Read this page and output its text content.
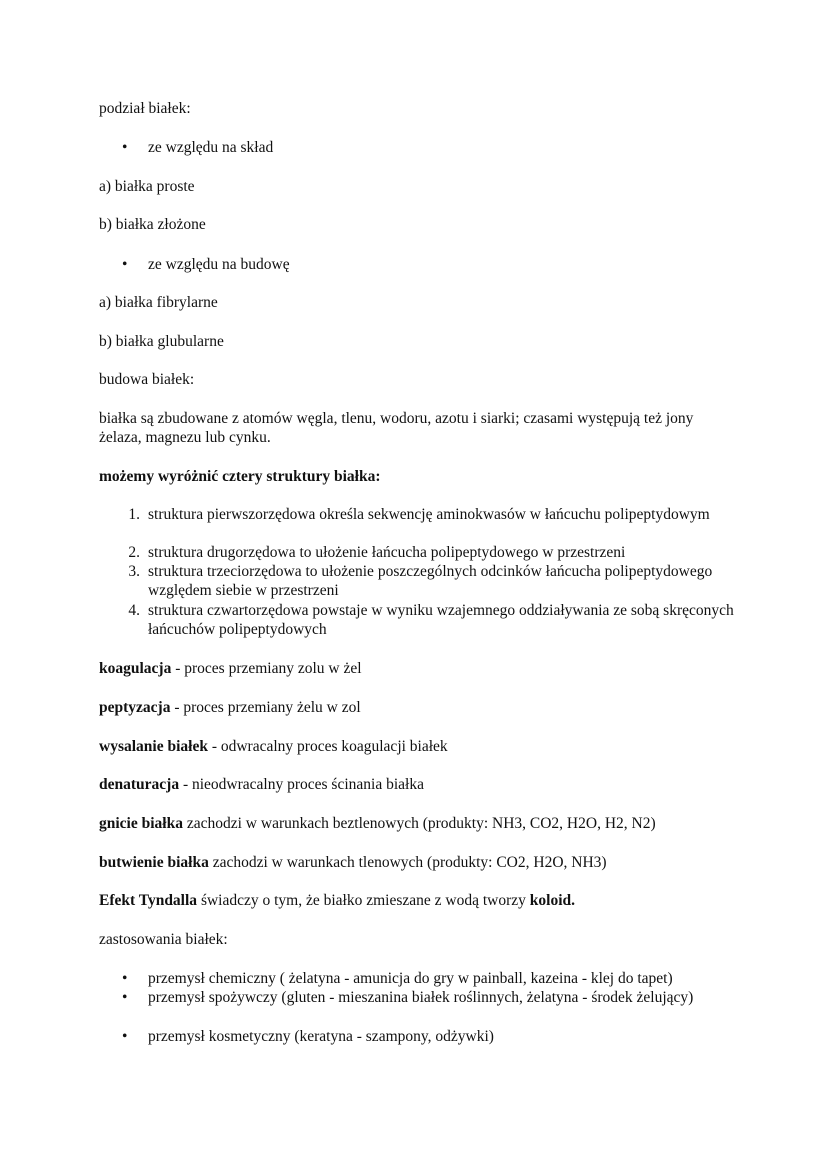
podział białek:
• ze względu na skład
a) białka proste
b) białka złożone
• ze względu na budowę
a) białka fibrylarne
b) białka glubularne
budowa białek:
białka są zbudowane z atomów węgla, tlenu, wodoru, azotu i siarki; czasami występują też jony żelaza, magnezu lub cynku.
możemy wyróżnić cztery struktury białka:
1. struktura pierwszorzędowa określa sekwencję aminokwasów w łańcuchu polipeptydowym
2. struktura drugorzędowa to ułożenie łańcucha polipeptydowego w przestrzeni
3. struktura trzeciorzędowa to ułożenie poszczególnych odcinków łańcucha polipeptydowego względem siebie w przestrzeni
4. struktura czwartorzędowa powstaje w wyniku wzajemnego oddziaływania ze sobą skręconych łańcuchów polipeptydowych
koagulacja - proces przemiany zolu w żel
peptyzacja - proces przemiany żelu w zol
wysalanie białek - odwracalny proces koagulacji białek
denaturacja - nieodwracalny proces ścinania białka
gnicie białka zachodzi w warunkach beztlenowych (produkty: NH3, CO2, H2O, H2, N2)
butwienie białka zachodzi w warunkach tlenowych (produkty: CO2, H2O, NH3)
Efekt Tyndalla świadczy o tym, że białko zmieszane z wodą tworzy koloid.
zastosowania białek:
• przemysł chemiczny ( żelatyna - amunicja do gry w painball, kazeina - klej do tapet)
• przemysł spożywczy (gluten - mieszanina białek roślinnych, żelatyna - środek żelujący)
• przemysł kosmetyczny (keratyna - szampony, odżywki)
